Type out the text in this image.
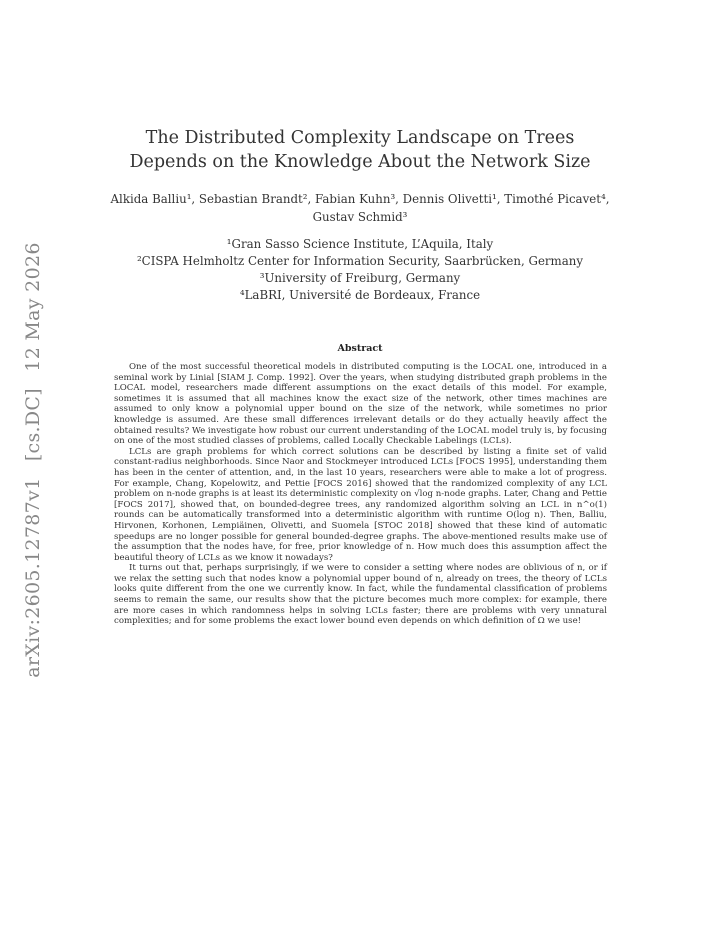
arXiv:2605.12787v1 [cs.DC] 12 May 2026
The Distributed Complexity Landscape on Trees
Depends on the Knowledge About the Network Size
Alkida Balliu¹, Sebastian Brandt², Fabian Kuhn³, Dennis Olivetti¹, Timothé Picavet⁴,
Gustav Schmid³
¹Gran Sasso Science Institute, L’Aquila, Italy
²CISPA Helmholtz Center for Information Security, Saarbrücken, Germany
³University of Freiburg, Germany
⁴LaBRI, Université de Bordeaux, France
Abstract

One of the most successful theoretical models in distributed computing is the LOCAL one, introduced in a seminal work by Linial [SIAM J. Comp. 1992]. Over the years, when studying distributed graph problems in the LOCAL model, researchers made different assumptions on the exact details of this model. For example, sometimes it is assumed that all machines know the exact size of the network, other times machines are assumed to only know a polynomial upper bound on the size of the network, while sometimes no prior knowledge is assumed. Are these small differences irrelevant details or do they actually heavily affect the obtained results? We investigate how robust our current understanding of the LOCAL model truly is, by focusing on one of the most studied classes of problems, called Locally Checkable Labelings (LCLs).

LCLs are graph problems for which correct solutions can be described by listing a finite set of valid constant-radius neighborhoods. Since Naor and Stockmeyer introduced LCLs [FOCS 1995], understanding them has been in the center of attention, and, in the last 10 years, researchers were able to make a lot of progress. For example, Chang, Kopelowitz, and Pettie [FOCS 2016] showed that the randomized complexity of any LCL problem on n-node graphs is at least its deterministic complexity on √log n-node graphs. Later, Chang and Pettie [FOCS 2017], showed that, on bounded-degree trees, any randomized algorithm solving an LCL in n^o(1) rounds can be automatically transformed into a deterministic algorithm with runtime O(log n). Then, Balliu, Hirvonen, Korhonen, Lempiäinen, Olivetti, and Suomela [STOC 2018] showed that these kind of automatic speedups are no longer possible for general bounded-degree graphs. The above-mentioned results make use of the assumption that the nodes have, for free, prior knowledge of n. How much does this assumption affect the beautiful theory of LCLs as we know it nowadays?

It turns out that, perhaps surprisingly, if we were to consider a setting where nodes are oblivious of n, or if we relax the setting such that nodes know a polynomial upper bound of n, already on trees, the theory of LCLs looks quite different from the one we currently know. In fact, while the fundamental classification of problems seems to remain the same, our results show that the picture becomes much more complex: for example, there are more cases in which randomness helps in solving LCLs faster; there are problems with very unnatural complexities; and for some problems the exact lower bound even depends on which definition of Ω we use!
